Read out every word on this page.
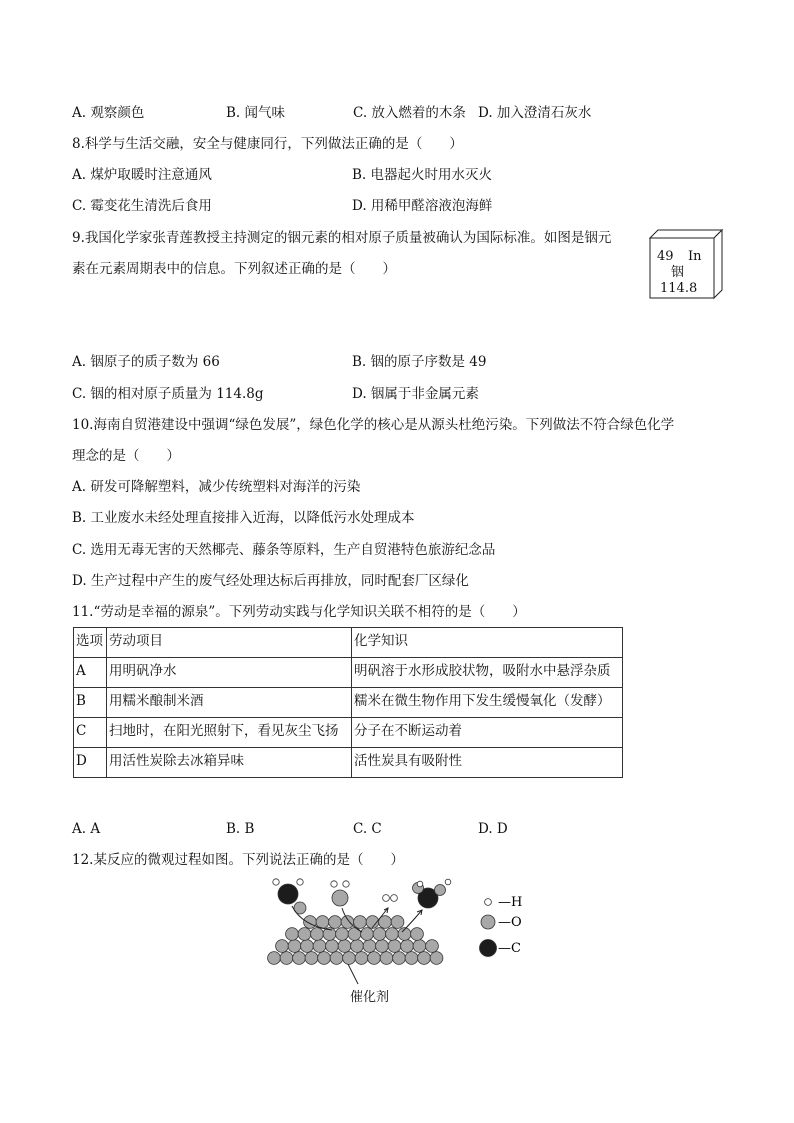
A. 观察颜色	B. 闻气味	C. 放入燃着的木条 D. 加入澄清石灰水
8.科学与生活交融，安全与健康同行，下列做法正确的是（　　）
A. 煤炉取暖时注意通风	B. 电器起火时用水灭火
C. 霉变花生清洗后食用	D. 用稀甲醛溶液泡海鲜
9.我国化学家张青莲教授主持测定的铟元素的相对原子质量被确认为国际标准。如图是铟元
素在元素周期表中的信息。下列叙述正确的是（　　）
49 In
铟
114.8
A. 铟原子的质子数为 66	B. 铟的原子序数是 49
C. 铟的相对原子质量为 114.8g	D. 铟属于非金属元素
10.海南自贸港建设中强调“绿色发展”，绿色化学的核心是从源头杜绝污染。下列做法不符合绿色化学
理念的是（　　）
A. 研发可降解塑料，减少传统塑料对海洋的污染
B. 工业废水未经处理直接排入近海，以降低污水处理成本
C. 选用无毒无害的天然椰壳、藤条等原料，生产自贸港特色旅游纪念品
D. 生产过程中产生的废气经处理达标后再排放，同时配套厂区绿化
11.“劳动是幸福的源泉”。下列劳动实践与化学知识关联不相符的是（　　）
选项	劳动项目	化学知识
A	用明矾净水	明矾溶于水形成胶状物，吸附水中悬浮杂质
B	用糯米酿制米酒	糯米在微生物作用下发生缓慢氧化（发酵）
C	扫地时，在阳光照射下，看见灰尘飞扬	分子在不断运动着
D	用活性炭除去冰箱异味	活性炭具有吸附性
A. A	B. B	C. C	D. D
12.某反应的微观过程如图。下列说法正确的是（　　）
—H
—O
—C
催化剂
